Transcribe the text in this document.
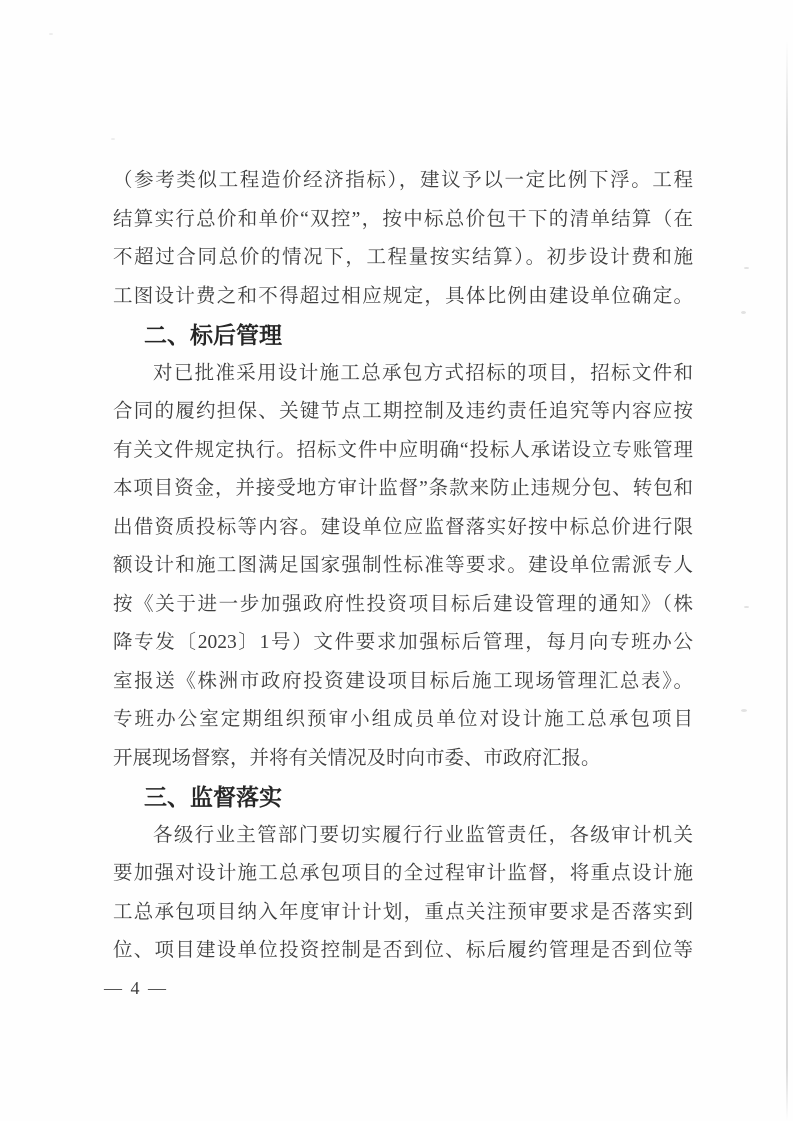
（参考类似工程造价经济指标），建议予以一定比例下浮。工程
结算实行总价和单价“双控”，按中标总价包干下的清单结算（在
不超过合同总价的情况下，工程量按实结算）。初步设计费和施
工图设计费之和不得超过相应规定，具体比例由建设单位确定。
二、标后管理
对已批准采用设计施工总承包方式招标的项目，招标文件和
合同的履约担保、关键节点工期控制及违约责任追究等内容应按
有关文件规定执行。招标文件中应明确“投标人承诺设立专账管理
本项目资金，并接受地方审计监督”条款来防止违规分包、转包和
出借资质投标等内容。建设单位应监督落实好按中标总价进行限
额设计和施工图满足国家强制性标准等要求。建设单位需派专人
按《关于进一步加强政府性投资项目标后建设管理的通知》（株
降专发〔2023〕1号）文件要求加强标后管理，每月向专班办公
室报送《株洲市政府投资建设项目标后施工现场管理汇总表》。
专班办公室定期组织预审小组成员单位对设计施工总承包项目
开展现场督察，并将有关情况及时向市委、市政府汇报。
三、监督落实
各级行业主管部门要切实履行行业监管责任，各级审计机关
要加强对设计施工总承包项目的全过程审计监督，将重点设计施
工总承包项目纳入年度审计计划，重点关注预审要求是否落实到
位、项目建设单位投资控制是否到位、标后履约管理是否到位等
— 4 —
